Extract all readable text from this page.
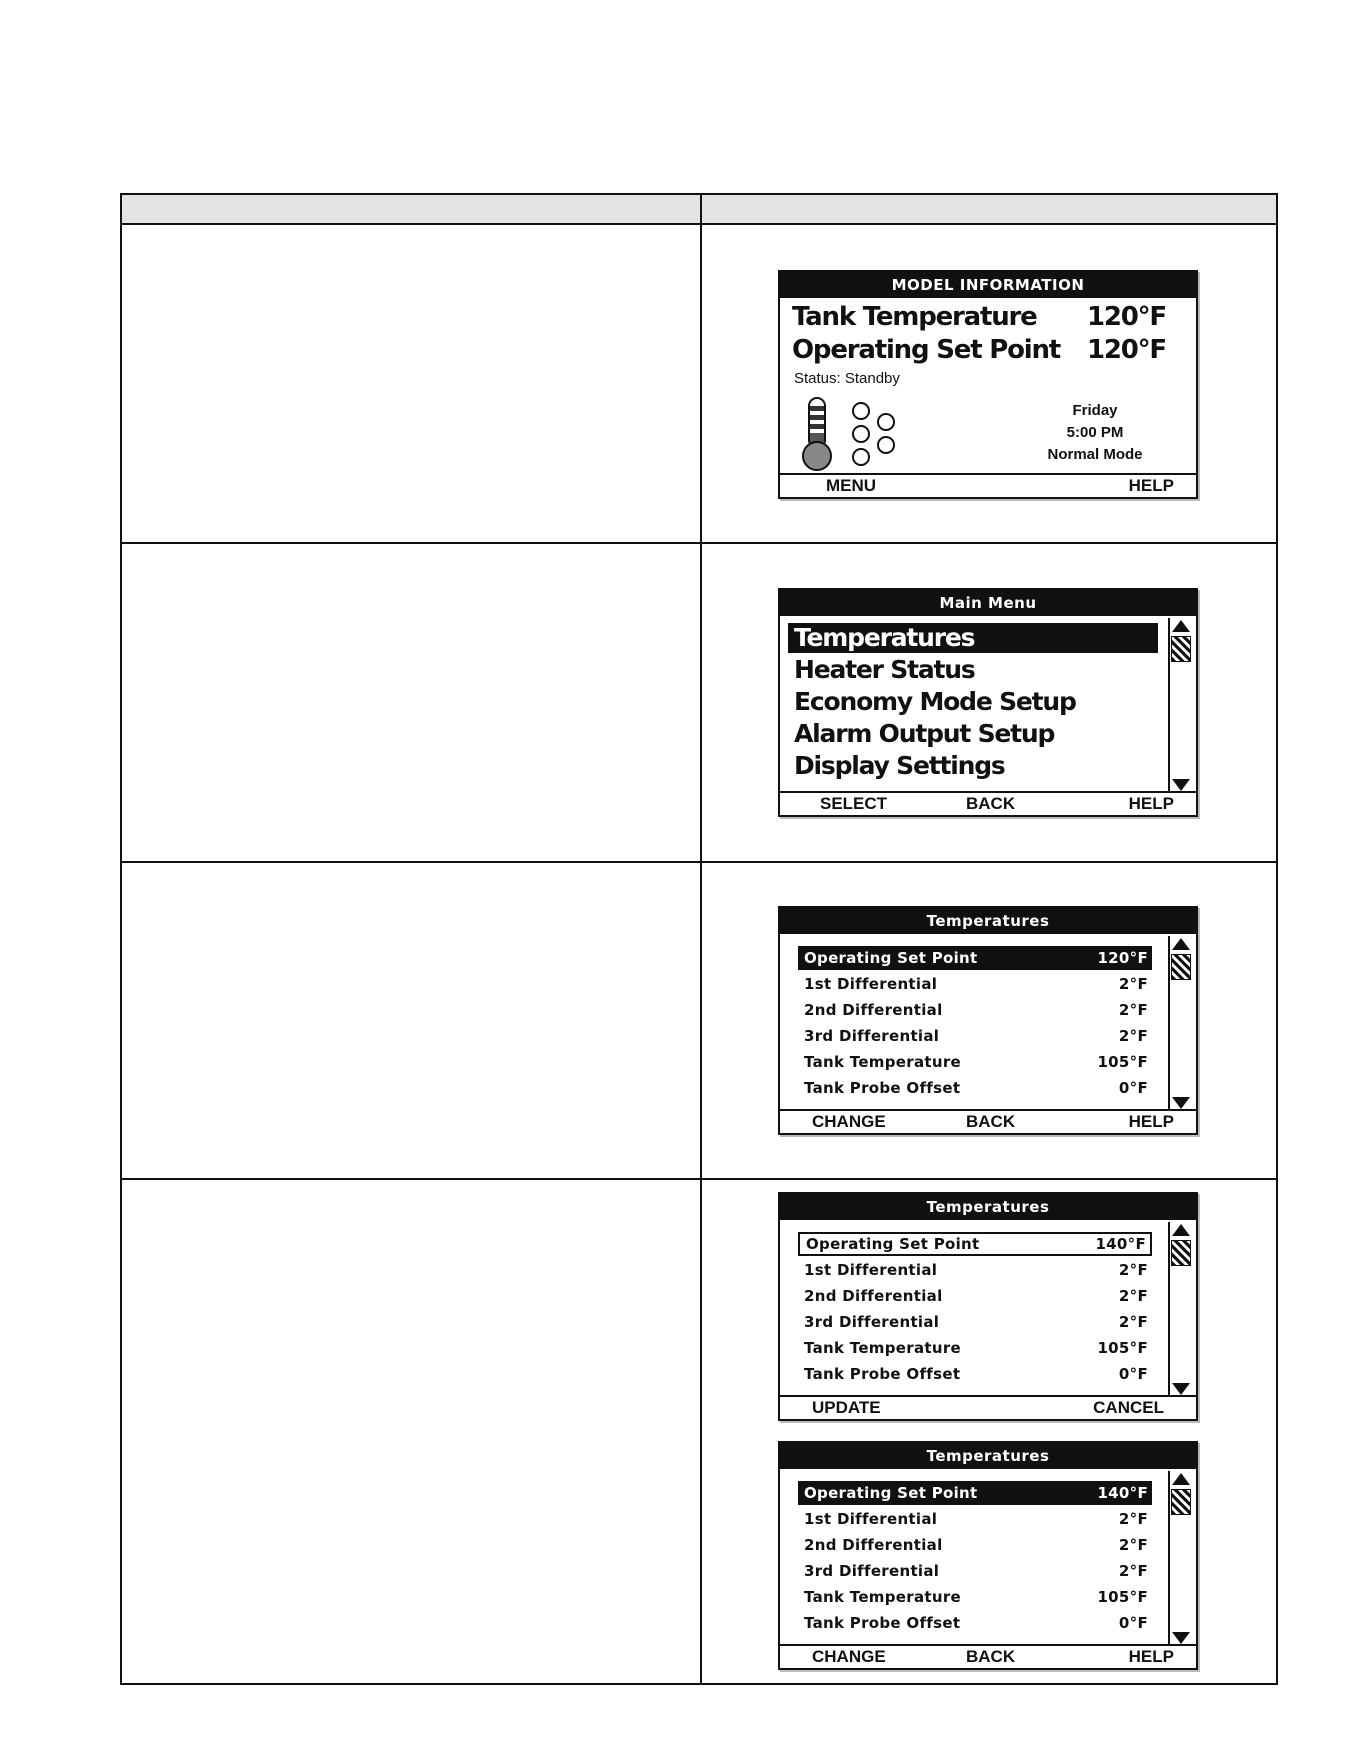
MODEL INFORMATION
Tank Temperature 120°F
Operating Set Point 120°F
Status: Standby
Friday
5:00 PM
Normal Mode
MENU	HELP
Main Menu
Temperatures
Heater Status
Economy Mode Setup
Alarm Output Setup
Display Settings
SELECT	BACK	HELP
Temperatures
Operating Set Point	120°F
1st Differential	2°F
2nd Differential	2°F
3rd Differential	2°F
Tank Temperature	105°F
Tank Probe Offset	0°F
CHANGE	BACK	HELP
Temperatures
Operating Set Point	140°F
1st Differential	2°F
2nd Differential	2°F
3rd Differential	2°F
Tank Temperature	105°F
Tank Probe Offset	0°F
UPDATE	CANCEL
Temperatures
Operating Set Point	140°F
1st Differential	2°F
2nd Differential	2°F
3rd Differential	2°F
Tank Temperature	105°F
Tank Probe Offset	0°F
CHANGE	BACK	HELP
